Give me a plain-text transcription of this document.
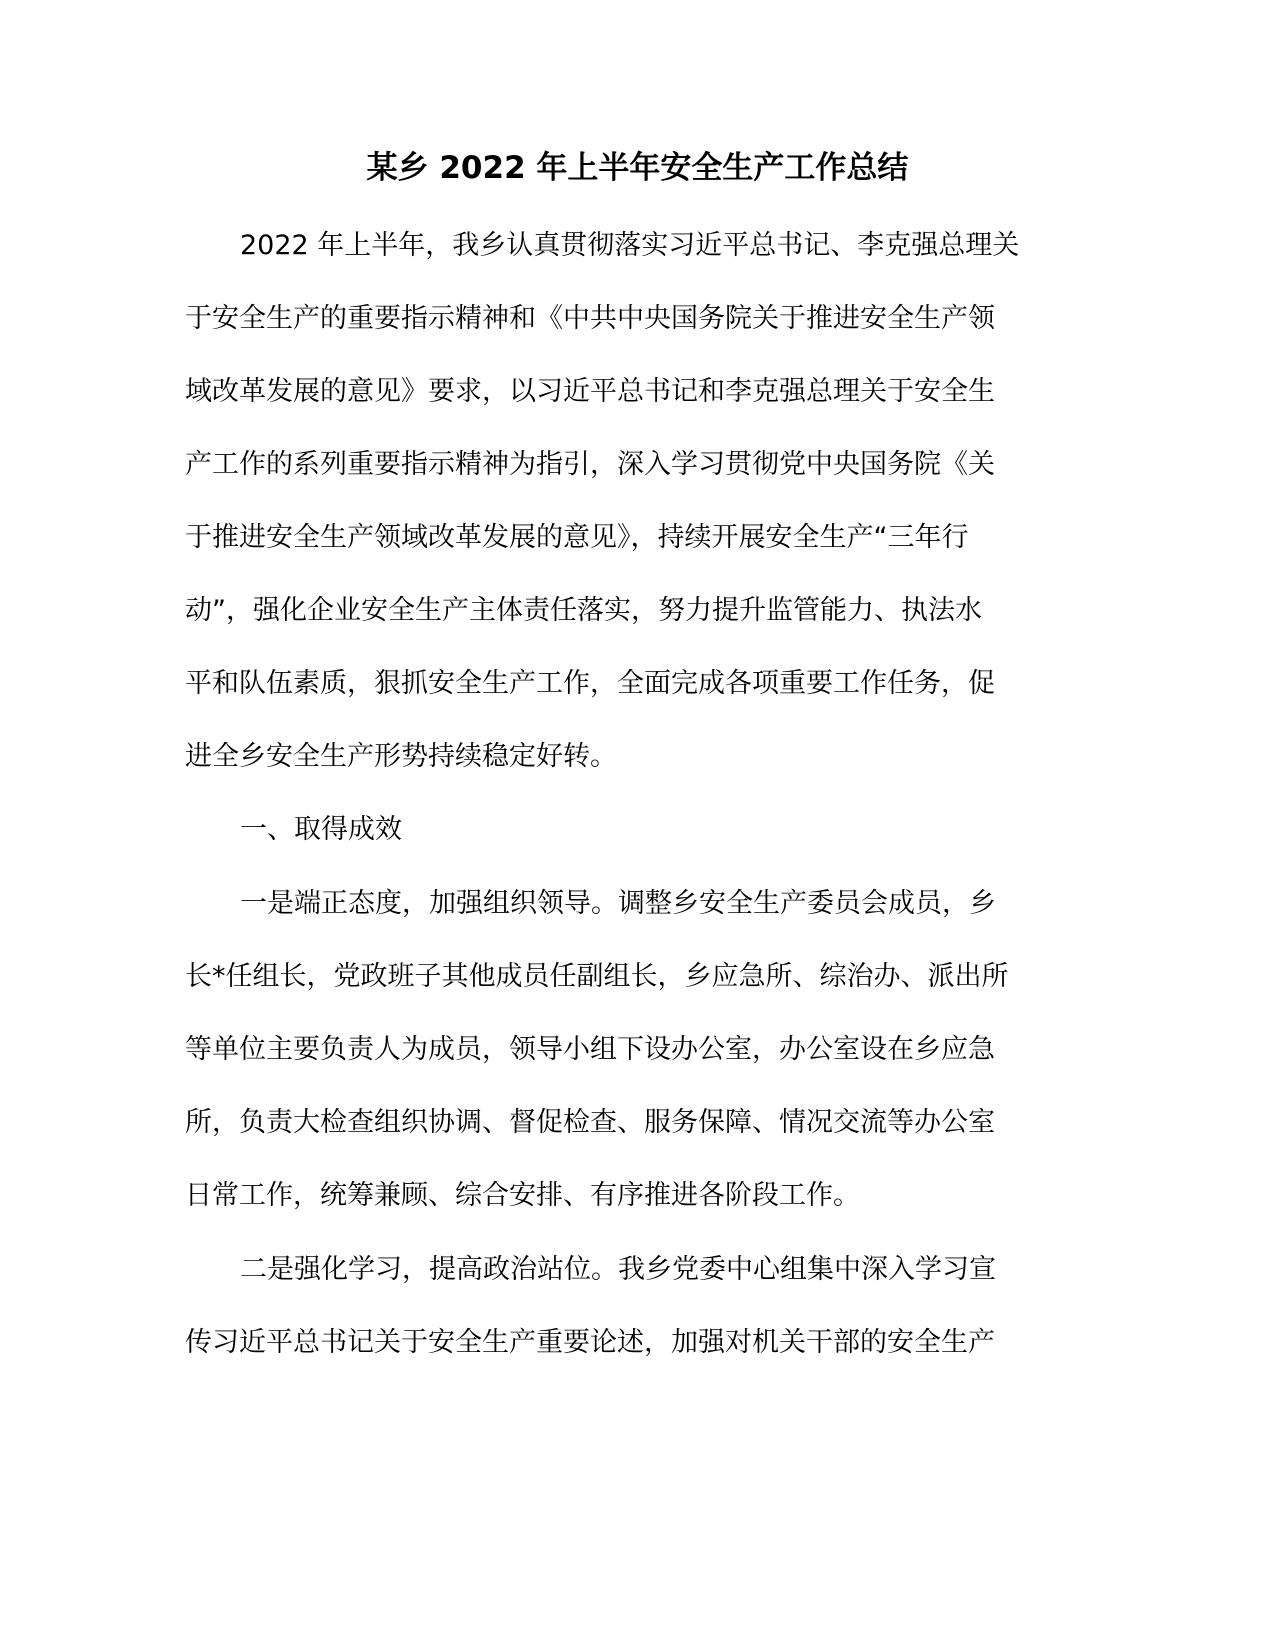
某乡 2022 年上半年安全生产工作总结

2022 年上半年，我乡认真贯彻落实习近平总书记、李克强总理关

于安全生产的重要指示精神和《中共中央国务院关于推进安全生产领

域改革发展的意见》要求，以习近平总书记和李克强总理关于安全生

产工作的系列重要指示精神为指引，深入学习贯彻党中央国务院《关

于推进安全生产领域改革发展的意见》，持续开展安全生产“三年行

动”，强化企业安全生产主体责任落实，努力提升监管能力、执法水

平和队伍素质，狠抓安全生产工作，全面完成各项重要工作任务，促

进全乡安全生产形势持续稳定好转。

一、取得成效

一是端正态度，加强组织领导。调整乡安全生产委员会成员，乡

长*任组长，党政班子其他成员任副组长，乡应急所、综治办、派出所

等单位主要负责人为成员，领导小组下设办公室，办公室设在乡应急

所，负责大检查组织协调、督促检查、服务保障、情况交流等办公室

日常工作，统筹兼顾、综合安排、有序推进各阶段工作。

二是强化学习，提高政治站位。我乡党委中心组集中深入学习宣

传习近平总书记关于安全生产重要论述，加强对机关干部的安全生产
